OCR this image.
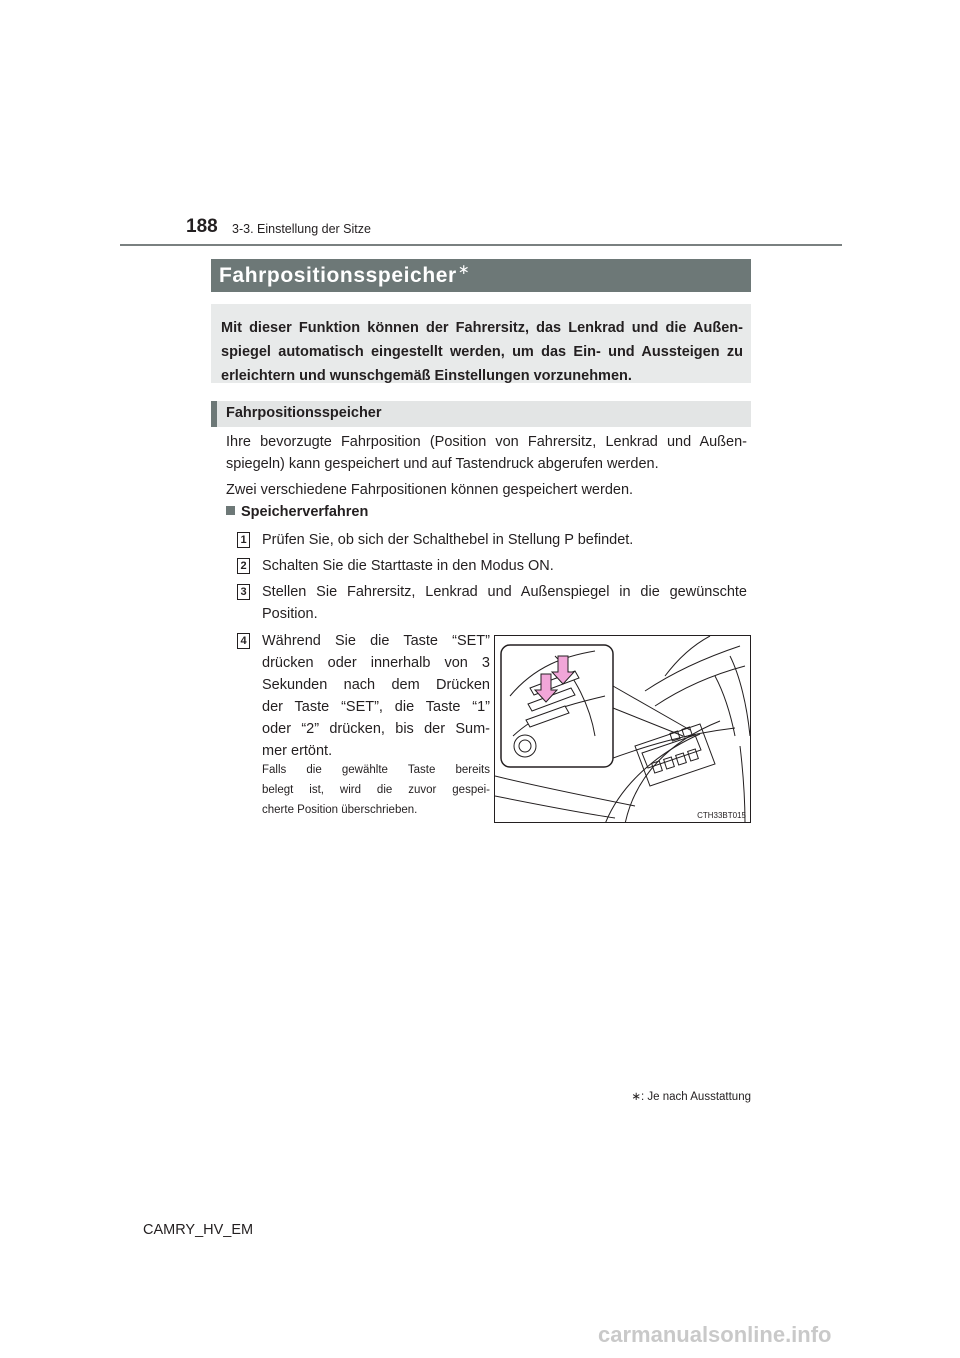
188 3-3. Einstellung der Sitze
Fahrpositionsspeicher∗
Mit dieser Funktion können der Fahrersitz, das Lenkrad und die Außen-
spiegel automatisch eingestellt werden, um das Ein- und Aussteigen zu
erleichtern und wunschgemäß Einstellungen vorzunehmen.
Fahrpositionsspeicher
Ihre bevorzugte Fahrposition (Position von Fahrersitz, Lenkrad und Außen-
spiegeln) kann gespeichert und auf Tastendruck abgerufen werden.
Zwei verschiedene Fahrpositionen können gespeichert werden.
Speicherverfahren
1 Prüfen Sie, ob sich der Schalthebel in Stellung P befindet.
2 Schalten Sie die Starttaste in den Modus ON.
3 Stellen Sie Fahrersitz, Lenkrad und Außenspiegel in die gewünschte
Position.
4 Während Sie die Taste “SET”
drücken oder innerhalb von 3
Sekunden nach dem Drücken
der Taste “SET”, die Taste “1”
oder “2” drücken, bis der Sum-
mer ertönt.
Falls die gewählte Taste bereits
belegt ist, wird die zuvor gespei-
cherte Position überschrieben.	CTH33BT015
∗: Je nach Ausstattung
CAMRY_HV_EM
carmanualsonline.info
